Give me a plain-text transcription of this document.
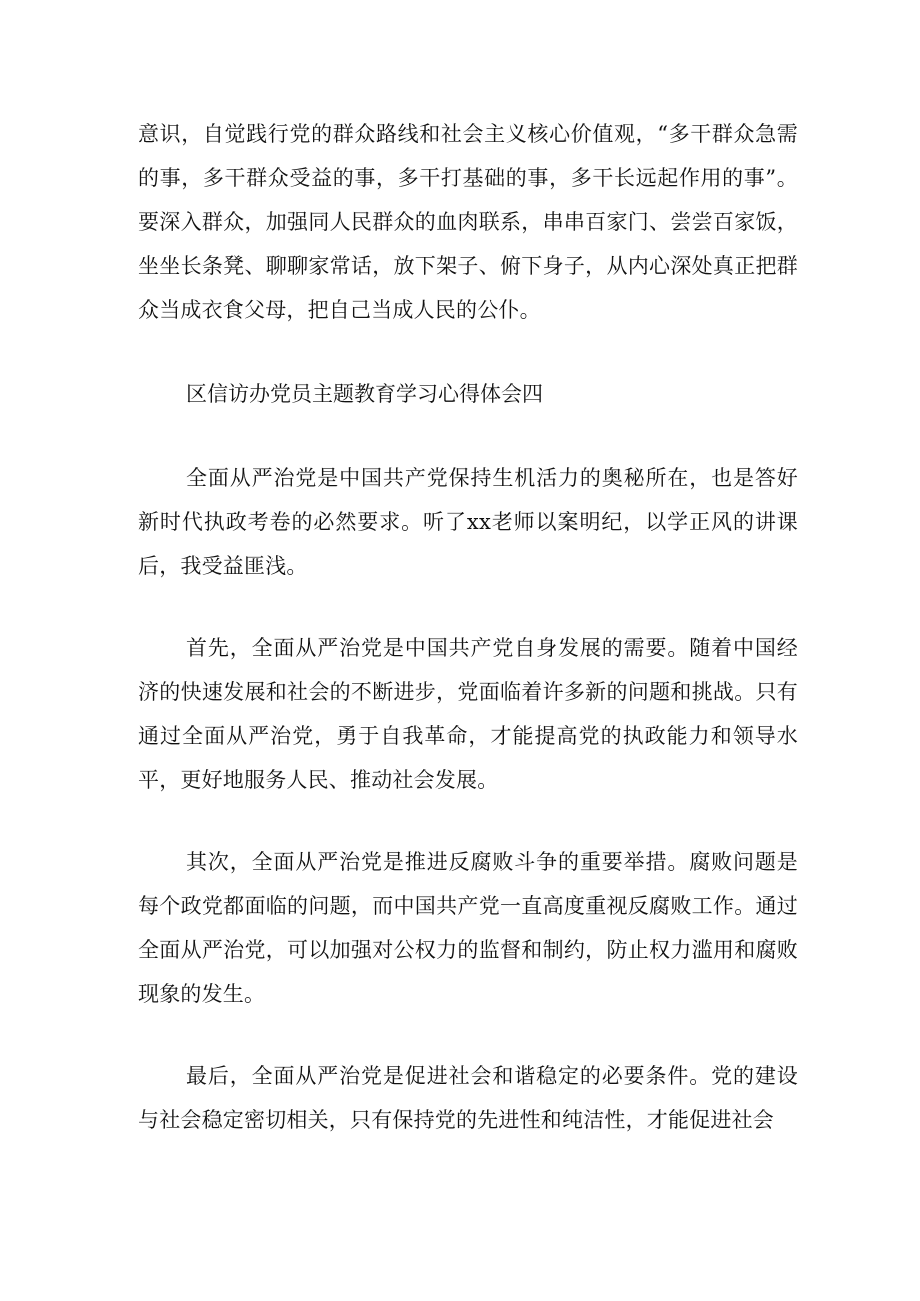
意识，自觉践行党的群众路线和社会主义核心价值观，“多干群众急需的事，多干群众受益的事，多干打基础的事，多干长远起作用的事”。要深入群众，加强同人民群众的血肉联系，串串百家门、尝尝百家饭，坐坐长条凳、聊聊家常话，放下架子、俯下身子，从内心深处真正把群众当成衣食父母，把自己当成人民的公仆。

区信访办党员主题教育学习心得体会四

全面从严治党是中国共产党保持生机活力的奥秘所在，也是答好新时代执政考卷的必然要求。听了xx老师以案明纪，以学正风的讲课后，我受益匪浅。

首先，全面从严治党是中国共产党自身发展的需要。随着中国经济的快速发展和社会的不断进步，党面临着许多新的问题和挑战。只有通过全面从严治党，勇于自我革命，才能提高党的执政能力和领导水平，更好地服务人民、推动社会发展。

其次，全面从严治党是推进反腐败斗争的重要举措。腐败问题是每个政党都面临的问题，而中国共产党一直高度重视反腐败工作。通过全面从严治党，可以加强对公权力的监督和制约，防止权力滥用和腐败现象的发生。

最后，全面从严治党是促进社会和谐稳定的必要条件。党的建设与社会稳定密切相关，只有保持党的先进性和纯洁性，才能促进社会
